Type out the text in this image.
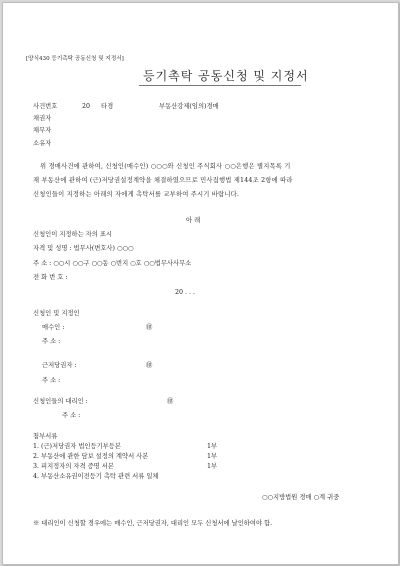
[양식430 등기촉탁 공동신청 및 지정서]
등기촉탁 공동신청 및 지정서
사건번호	20 타경	부동산강제(임의)경매
채권자
채무자
소유자
위 경매사건에 관하여, 신청인(매수인) ○○○와 신청인 주식회사 ○○은행은 별지목록 기
재 부동산에 관하여 (근)저당권설정계약을 체결하였으므로 민사집행법 제144조 2항에 따라
신청인들이 지정하는 아래의 자에게 촉탁서를 교부하여 주시기 바랍니다.
아 래
신청인이 지정하는 자의 표시
자격 및 성명 : 법무사(변호사) ○○○
주 소 : ○○시 ○○구 ○○동 ○번지 ○호 ○○법무사사무소
전 화 번 호 :
20 . . .
신청인 및 지정인
매수인 :	㊞
주 소 :
근저당권자 :	㊞
주 소 :
신청인들의 대리인 :	㊞
주 소 :
첨부서류
1. (근)저당권자 법인등기부등본	1부
2. 부동산에 관한 담보 설정의 계약서 사본	1부
3. 피지정자의 자격 증명 서본	1부
4. 부동산소유권이전등기 촉탁 관련 서류 일체
○○지방법원 경매 ○계 귀중
※ 대리인이 신청할 경우에는 매수인, 근저당권자, 대리인 모두 신청서에 날인하여야 함.
